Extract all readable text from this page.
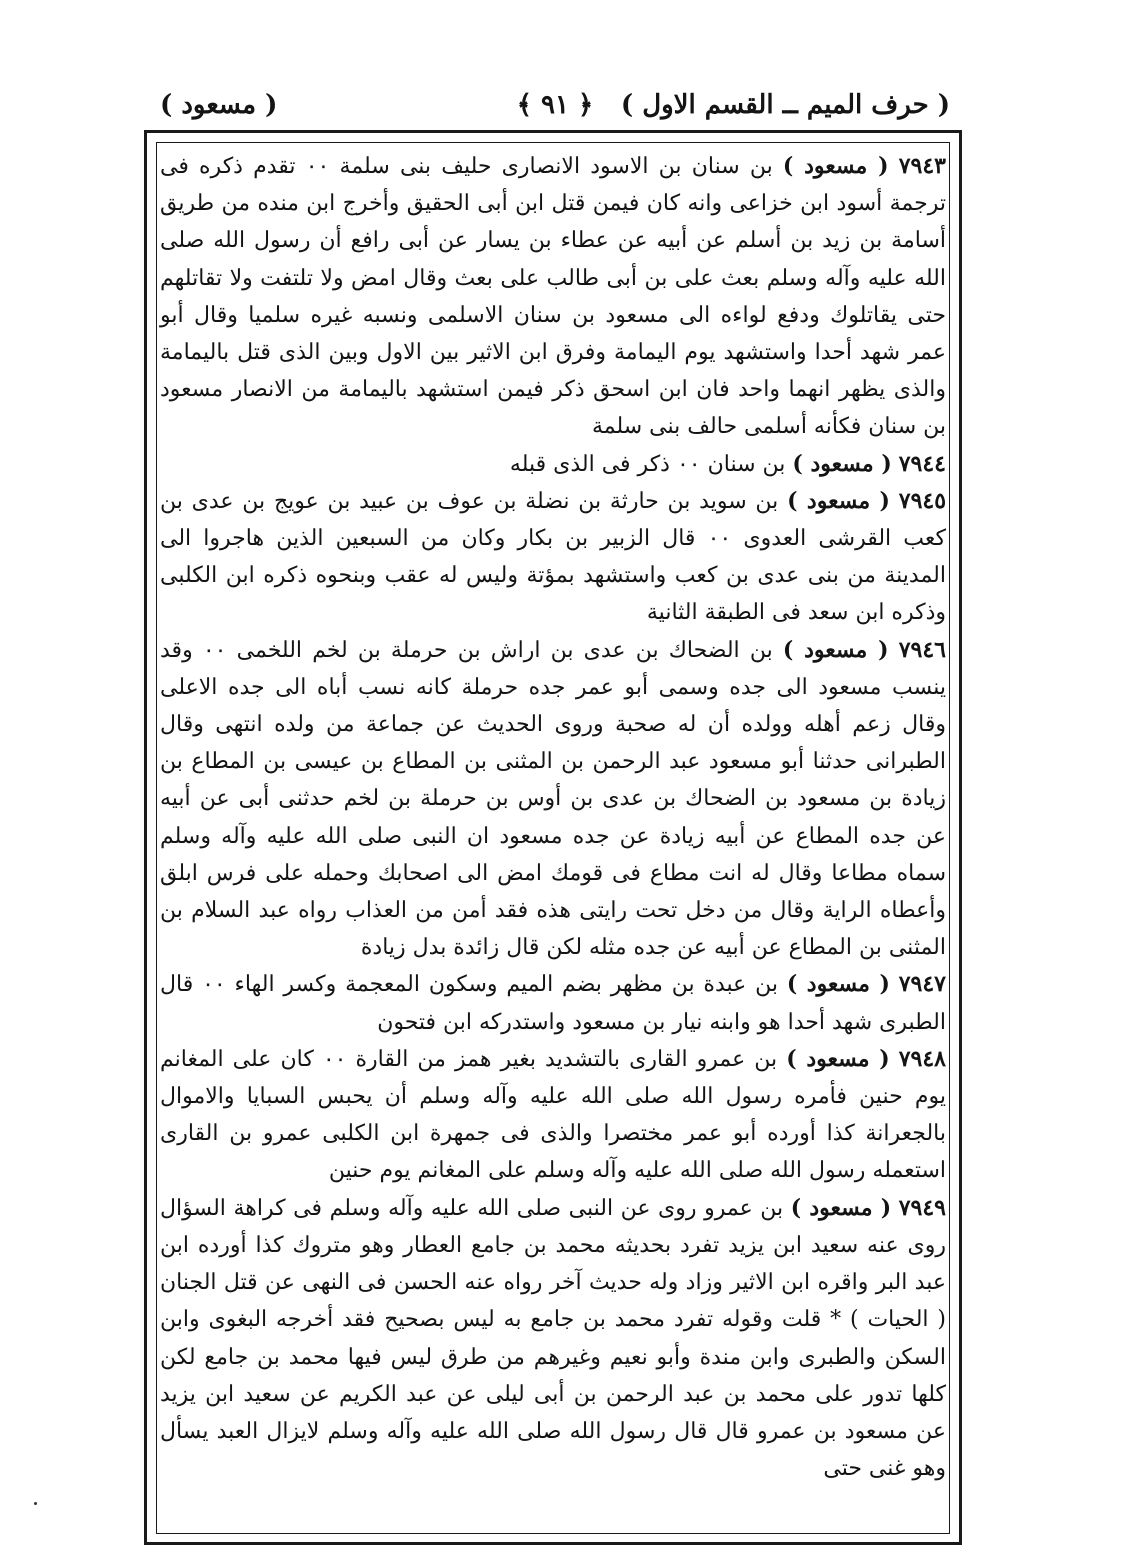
( حرف الميم ــ القسم الاول )
﴿ ٩١ ﴾
( مسعود )

٧٩٤٣ ( مسعود ) بن سنان بن الاسود الانصارى حليف بنى سلمة ٠٠ تقدم ذكره فى ترجمة أسود ابن خزاعى وانه كان فيمن قتل ابن أبى الحقيق وأخرج ابن منده من طريق أسامة بن زيد بن أسلم عن أبيه عن عطاء بن يسار عن أبى رافع أن رسول الله صلى الله عليه وآله وسلم بعث على بن أبى طالب على بعث وقال امض ولا تلتفت ولا تقاتلهم حتى يقاتلوك ودفع لواءه الى مسعود بن سنان الاسلمى ونسبه غيره سلميا وقال أبو عمر شهد أحدا واستشهد يوم اليمامة وفرق ابن الاثير بين الاول وبين الذى قتل باليمامة والذى يظهر انهما واحد فان ابن اسحق ذكر فيمن استشهد باليمامة من الانصار مسعود بن سنان فكأنه أسلمى حالف بنى سلمة

٧٩٤٤ ( مسعود ) بن سنان ٠٠ ذكر فى الذى قبله

٧٩٤٥ ( مسعود ) بن سويد بن حارثة بن نضلة بن عوف بن عبيد بن عويج بن عدى بن كعب القرشى العدوى ٠٠ قال الزبير بن بكار وكان من السبعين الذين هاجروا الى المدينة من بنى عدى بن كعب واستشهد بمؤتة وليس له عقب وبنحوه ذكره ابن الكلبى وذكره ابن سعد فى الطبقة الثانية

٧٩٤٦ ( مسعود ) بن الضحاك بن عدى بن اراش بن حرملة بن لخم اللخمى ٠٠ وقد ينسب مسعود الى جده وسمى أبو عمر جده حرملة كانه نسب أباه الى جده الاعلى وقال زعم أهله وولده أن له صحبة وروى الحديث عن جماعة من ولده انتهى وقال الطبرانى حدثنا أبو مسعود عبد الرحمن بن المثنى بن المطاع بن عيسى بن المطاع بن زيادة بن مسعود بن الضحاك بن عدى بن أوس بن حرملة بن لخم حدثنى أبى عن أبيه عن جده المطاع عن أبيه زيادة عن جده مسعود ان النبى صلى الله عليه وآله وسلم سماه مطاعا وقال له انت مطاع فى قومك امض الى اصحابك وحمله على فرس ابلق وأعطاه الراية وقال من دخل تحت رايتى هذه فقد أمن من العذاب رواه عبد السلام بن المثنى بن المطاع عن أبيه عن جده مثله لكن قال زائدة بدل زيادة

٧٩٤٧ ( مسعود ) بن عبدة بن مظهر بضم الميم وسكون المعجمة وكسر الهاء ٠٠ قال الطبرى شهد أحدا هو وابنه نيار بن مسعود واستدركه ابن فتحون

٧٩٤٨ ( مسعود ) بن عمرو القارى بالتشديد بغير همز من القارة ٠٠ كان على المغانم يوم حنين فأمره رسول الله صلى الله عليه وآله وسلم أن يحبس السبايا والاموال بالجعرانة كذا أورده أبو عمر مختصرا والذى فى جمهرة ابن الكلبى عمرو بن القارى استعمله رسول الله صلى الله عليه وآله وسلم على المغانم يوم حنين

٧٩٤٩ ( مسعود ) بن عمرو روى عن النبى صلى الله عليه وآله وسلم فى كراهة السؤال روى عنه سعيد ابن يزيد تفرد بحديثه محمد بن جامع العطار وهو متروك كذا أورده ابن عبد البر واقره ابن الاثير وزاد وله حديث آخر رواه عنه الحسن فى النهى عن قتل الجنان ( الحيات ) * قلت وقوله تفرد محمد بن جامع به ليس بصحيح فقد أخرجه البغوى وابن السكن والطبرى وابن مندة وأبو نعيم وغيرهم من طرق ليس فيها محمد بن جامع لكن كلها تدور على محمد بن عبد الرحمن بن أبى ليلى عن عبد الكريم عن سعيد ابن يزيد عن مسعود بن عمرو قال قال رسول الله صلى الله عليه وآله وسلم لايزال العبد يسأل وهو غنى حتى
